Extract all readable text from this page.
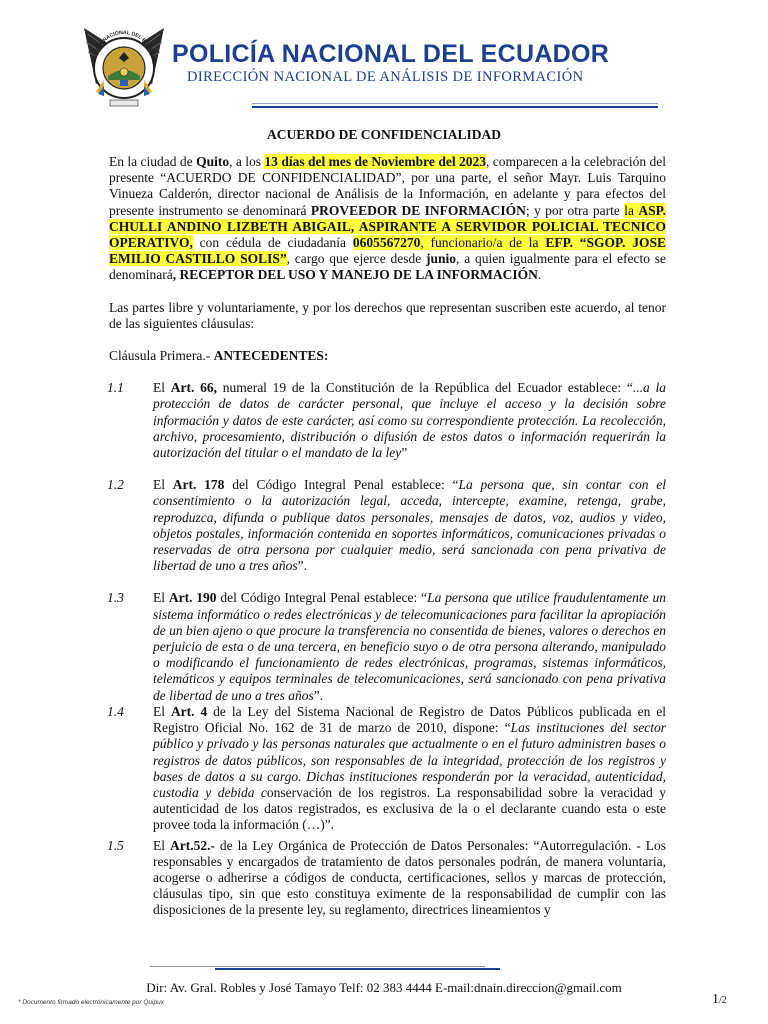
POLICIA NACIONAL DEL ECUADOR POLICÍA NACIONAL DEL ECUADOR
DIRECCIÓN NACIONAL DE ANÁLISIS DE INFORMACIÓN
ACUERDO DE CONFIDENCIALIDAD

En la ciudad de Quito, a los 13 días del mes de Noviembre del 2023, comparecen a la celebración del presente “ACUERDO DE CONFIDENCIALIDAD”, por una parte, el señor Mayr. Luis Tarquino Vinueza Calderón, director nacional de Análisis de la Información, en adelante y para efectos del presente instrumento se denominará PROVEEDOR DE INFORMACIÓN; y por otra parte la ASP. CHULLI ANDINO LIZBETH ABIGAIL, ASPIRANTE A SERVIDOR POLICIAL TECNICO OPERATIVO, con cédula de ciudadanía 0605567270, funcionario/a de la EFP. “SGOP. JOSE EMILIO CASTILLO SOLIS”, cargo que ejerce desde junio, a quien igualmente para el efecto se denominará, RECEPTOR DEL USO Y MANEJO DE LA INFORMACIÓN.

Las partes libre y voluntariamente, y por los derechos que representan suscriben este acuerdo, al tenor de las siguientes cláusulas:

Cláusula Primera.- ANTECEDENTES:

1.1 El Art. 66, numeral 19 de la Constitución de la República del Ecuador establece: “...a la protección de datos de carácter personal, que incluye el acceso y la decisión sobre información y datos de este carácter, así como su correspondiente protección. La recolección, archivo, procesamiento, distribución o difusión de estos datos o información requerirán la autorización del titular o el mandato de la ley”

1.2 El Art. 178 del Código Integral Penal establece: “La persona que, sin contar con el consentimiento o la autorización legal, acceda, intercepte, examine, retenga, grabe, reproduzca, difunda o publique datos personales, mensajes de datos, voz, audios y video, objetos postales, información contenida en soportes informáticos, comunicaciones privadas o reservadas de otra persona por cualquier medio, será sancionada con pena privativa de libertad de uno a tres años”.

1.3 El Art. 190 del Código Integral Penal establece: “La persona que utilice fraudulentamente un sistema informático o redes electrónicas y de telecomunicaciones para facilitar la apropiación de un bien ajeno o que procure la transferencia no consentida de bienes, valores o derechos en perjuicio de esta o de una tercera, en beneficio suyo o de otra persona alterando, manipulado o modificando el funcionamiento de redes electrónicas, programas, sistemas informáticos, telemáticos y equipos terminales de telecomunicaciones, será sancionado con pena privativa de libertad de uno a tres años”.

1.4 El Art. 4 de la Ley del Sistema Nacional de Registro de Datos Públicos publicada en el Registro Oficial No. 162 de 31 de marzo de 2010, dispone: “Las instituciones del sector público y privado y las personas naturales que actualmente o en el futuro administren bases o registros de datos públicos, son responsables de la integridad, protección de los registros y bases de datos a su cargo. Dichas instituciones responderán por la veracidad, autenticidad, custodia y debida conservación de los registros. La responsabilidad sobre la veracidad y autenticidad de los datos registrados, es exclusiva de la o el declarante cuando esta o este provee toda la información (…)”.

1.5 El Art.52.- de la Ley Orgánica de Protección de Datos Personales: “Autorregulación. - Los responsables y encargados de tratamiento de datos personales podrán, de manera voluntaria, acogerse o adherirse a códigos de conducta, certificaciones, sellos y marcas de protección, cláusulas tipo, sin que esto constituya eximente de la responsabilidad de cumplir con las disposiciones de la presente ley, su reglamento, directrices lineamientos y

Dir: Av. Gral. Robles y José Tamayo Telf: 02 383 4444 E-mail:dnain.direccion@gmail.com
* Documento firmado electrónicamente por Quipux	1/2
